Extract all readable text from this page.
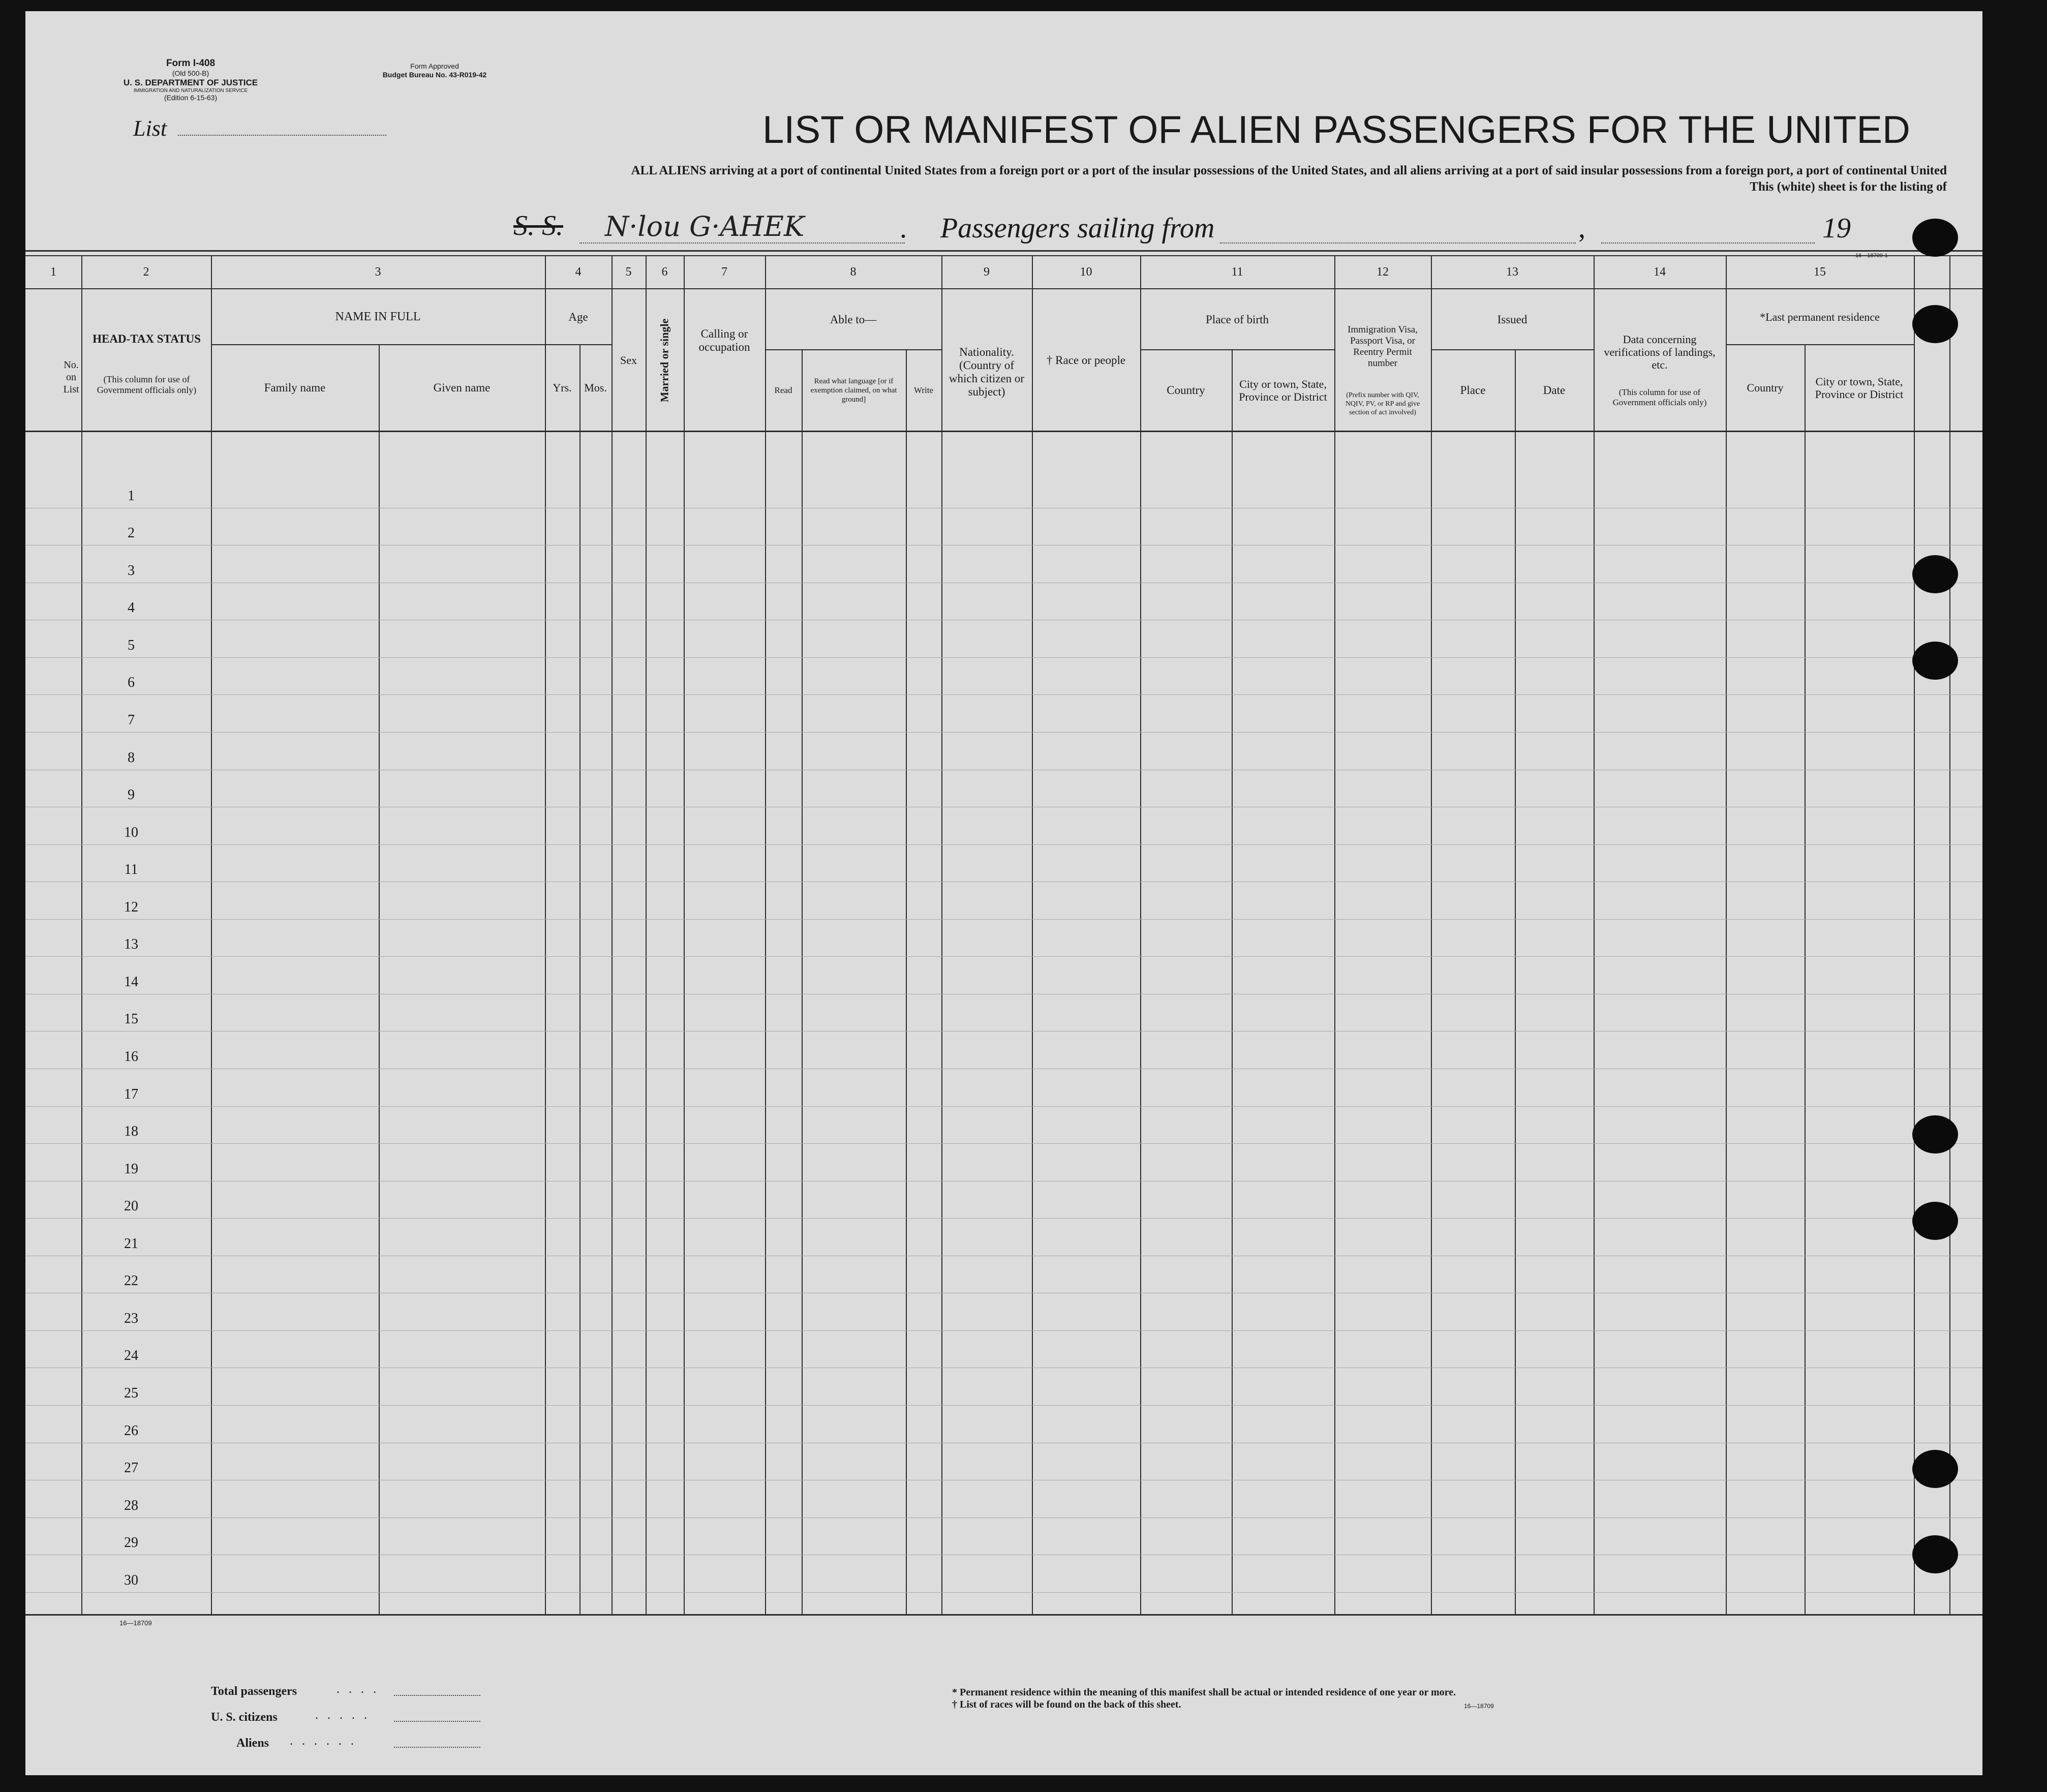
Form I-408
(Old 500-B)
U. S. DEPARTMENT OF JUSTICE
IMMIGRATION AND NATURALIZATION SERVICE
(Edition 6-15-63)
Form Approved
Budget Bureau No. 43-R019-42
List	LIST OR MANIFEST OF ALIEN PASSENGERS FOR THE UNITED
ALL ALIENS arriving at a port of continental United States from a foreign port or a port of the insular possessions of the United States, and all aliens arriving at a port of said insular possessions from a foreign port, a port of continental United
This (white) sheet is for the listing of
S. S. N·lou G·AHEK	. Passengers sailing from	,	19
16—18709-1
2
1	3	4	5	6	7	8	9	10	11	12	13	14	15
No. on List
HEAD-TAX STATUS
(This column for use of Government officials only)
NAME IN FULL
Family name	Given name
Age
Yrs.	Mos.
Sex	Married or single	Calling or occupation
Able to—
Read
Read what language [or if exemption claimed, on what ground]
Write
Nationality. (Country of which citizen or subject)
† Race or people
Place of birth
Country	City or town, State, Province or District
Immigration Visa, Passport Visa, or Reentry Permit number
(Prefix number with QIV, NQIV, PV, or RP and give section of act involved)
Issued
Place	Date
Data concerning verifications of landings, etc.
(This column for use of Government officials only)
*Last permanent residence
Country	City or town, State, Province or District
1
2
3
4
5
6
7
8
9
10
11
12
13
14
15
16
17
18
19
20
21
22
23
24
25
26
27
28
29
30
16—18709
Total passengers	. . . .
U. S. citizens	. . . . .
Aliens . . . . . .
* Permanent residence within the meaning of this manifest shall be actual or intended residence of one year or more.
† List of races will be found on the back of this sheet.	16—18709
